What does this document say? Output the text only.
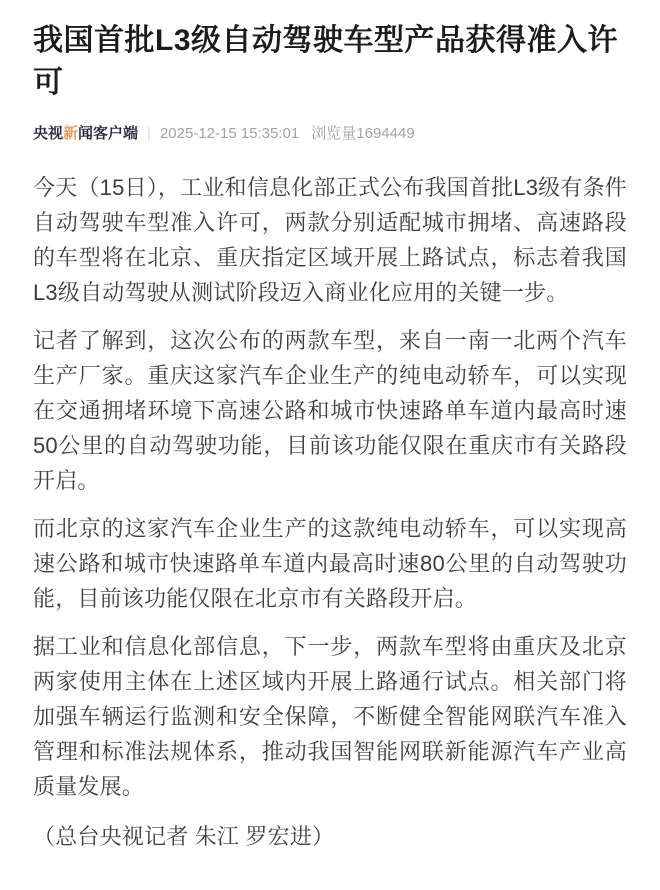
我国首批L3级自动驾驶车型产品获得准入许可
央视新闻客户端 | 2025-12-15 15:35:01 浏览量1694449

今天（15日），工业和信息化部正式公布我国首批L3级有条件自动驾驶车型准入许可，两款分别适配城市拥堵、高速路段的车型将在北京、重庆指定区域开展上路试点，标志着我国L3级自动驾驶从测试阶段迈入商业化应用的关键一步。

记者了解到，这次公布的两款车型，来自一南一北两个汽车生产厂家。重庆这家汽车企业生产的纯电动轿车，可以实现在交通拥堵环境下高速公路和城市快速路单车道内最高时速50公里的自动驾驶功能，目前该功能仅限在重庆市有关路段开启。

而北京的这家汽车企业生产的这款纯电动轿车，可以实现高速公路和城市快速路单车道内最高时速80公里的自动驾驶功能，目前该功能仅限在北京市有关路段开启。

据工业和信息化部信息，下一步，两款车型将由重庆及北京两家使用主体在上述区域内开展上路通行试点。相关部门将加强车辆运行监测和安全保障，不断健全智能网联汽车准入管理和标准法规体系，推动我国智能网联新能源汽车产业高质量发展。

（总台央视记者 朱江 罗宏进）
